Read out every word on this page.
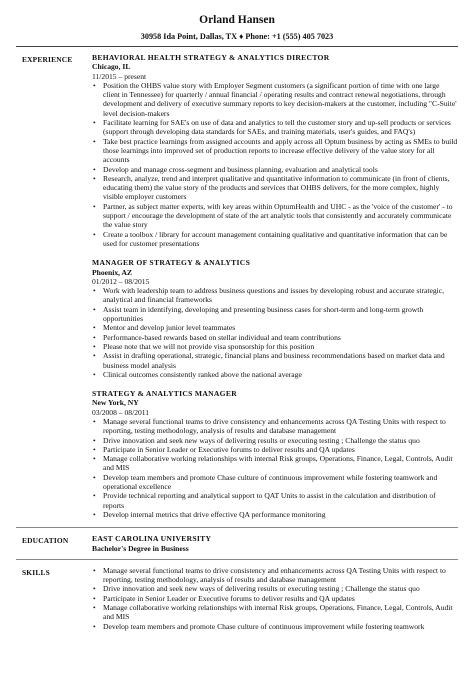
Orland Hansen
30958 Ida Point, Dallas, TX ♦ Phone: +1 (555) 405 7023
EXPERIENCE	BEHAVIORAL HEALTH STRATEGY & ANALYTICS DIRECTOR
Chicago, IL
11/2015 – present
• Position the OHBS value story with Employer Segment customers (a significant portion of time with one large client in Tennessee) for quarterly / annual financial / operating results and contract renewal negotiations, through development and delivery of executive summary reports to key decision-makers at the customer, including "C-Suite' level decision-makers
• Facilitate learning for SAE's on use of data and analytics to tell the customer story and up-sell products or services (support through developing data standards for SAEs, and training materials, user's guides, and FAQ's)
• Take best practice learnings from assigned accounts and apply across all Optum business by acting as SMEs to build those learnings into improved set of production reports to increase effective delivery of the value story for all accounts
• Develop and manage cross-segment and business planning, evaluation and analytical tools
• Research, analyze, trend and interpret qualitative and quantitative information to communicate (in front of clients, educating them) the value story of the products and services that OHBS delivers, for the more complex, highly visible employer customers
• Partner, as subject matter experts, with key areas within OptumHealth and UHC - as the 'voice of the customer' - to support / encourage the development of state of the art analytic tools that consistently and accurately communicate the value story
• Create a toolbox / library for account management containing qualitative and quantitative information that can be used for customer presentations
MANAGER OF STRATEGY & ANALYTICS
Phoenix, AZ
01/2012 – 08/2015
• Work with leadership team to address business questions and issues by developing robust and accurate strategic, analytical and financial frameworks
• Assist team in identifying, developing and presenting business cases for short-term and long-term growth opportunities
• Mentor and develop junior level teammates
• Performance-based rewards based on stellar individual and team contributions
• Please note that we will not provide visa sponsorship for this position
• Assist in drafting operational, strategic, financial plans and business recommendations based on market data and business model analysis
• Clinical outcomes consistently ranked above the national average
STRATEGY & ANALYTICS MANAGER
New York, NY
03/2008 – 08/2011
• Manage several functional teams to drive consistency and enhancements across QA Testing Units with respect to reporting, testing methodology, analysis of results and database management
• Drive innovation and seek new ways of delivering results or executing testing ; Challenge the status quo
• Participate in Senior Leader or Executive forums to deliver results and QA updates
• Manage collaborative working relationships with internal Risk groups, Operations, Finance, Legal, Controls, Audit and MIS
• Develop team members and promote Chase culture of continuous improvement while fostering teamwork and operational excellence
• Provide technical reporting and analytical support to QAT Units to assist in the calculation and distribution of reports
• Develop internal metrics that drive effective QA performance monitoring
EDUCATION	EAST CAROLINA UNIVERSITY
Bachelor's Degree in Business
SKILLS
•	Manage several functional teams to drive consistency and enhancements across QA Testing Units with respect to reporting, testing methodology, analysis of results and database management
• Drive innovation and seek new ways of delivering results or executing testing ; Challenge the status quo
• Participate in Senior Leader or Executive forums to deliver results and QA updates
• Manage collaborative working relationships with internal Risk groups, Operations, Finance, Legal, Controls, Audit and MIS
• Develop team members and promote Chase culture of continuous improvement while fostering teamwork
